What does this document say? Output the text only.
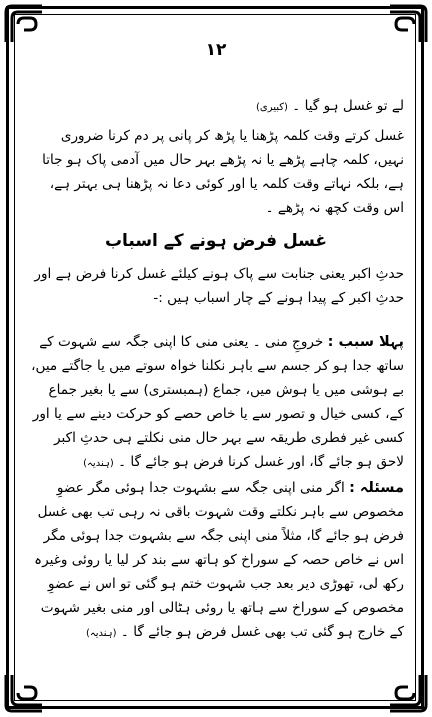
۱۲

لے تو غسل ہو گیا ۔ (کبیری)

غسل کرتے وقت کلمہ پڑھنا یا پڑھ کر پانی پر دم کرنا ضروری نہیں، کلمہ چاہے پڑھے یا نہ پڑھے بہر حال میں آدمی پاک ہو جاتا ہے، بلکہ نہاتے وقت کلمہ یا اور کوئی دعا نہ پڑھنا ہی بہتر ہے، اس وقت کچھ نہ پڑھے ۔

غسل فرض ہونے کے اسباب

حدثِ اکبر یعنی جنابت سے پاک ہونے کیلئے غسل کرنا فرض ہے اور حدثِ اکبر کے پیدا ہونے کے چار اسباب ہیں :-

پہلا سبب : خروجِ منی ۔ یعنی منی کا اپنی جگہ سے شہوت کے ساتھ جدا ہو کر جسم سے باہر نکلنا خواہ سوتے میں یا جاگتے میں، بے ہوشی میں یا ہوش میں، جماع (ہمبستری) سے یا بغیر جماع کے، کسی خیال و تصور سے یا خاص حصے کو حرکت دینے سے یا اور کسی غیر فطری طریقہ سے بہر حال منی نکلتے ہی حدثِ اکبر لاحق ہو جائے گا، اور غسل کرنا فرض ہو جائے گا ۔ (ہندیہ)

مسئلہ : اگر منی اپنی جگہ سے بشہوت جدا ہوئی مگر عضوِ مخصوص سے باہر نکلتے وقت شہوت باقی نہ رہی تب بھی غسل فرض ہو جائے گا، مثلاً منی اپنی جگہ سے بشہوت جدا ہوئی مگر اس نے خاص حصہ کے سوراخ کو ہاتھ سے بند کر لیا یا روئی وغیرہ رکھ لی، تھوڑی دیر بعد جب شہوت ختم ہو گئی تو اس نے عضوِ مخصوص کے سوراخ سے ہاتھ یا روئی ہٹالی اور منی بغیر شہوت کے خارج ہو گئی تب بھی غسل فرض ہو جائے گا ۔ (ہندیہ)
